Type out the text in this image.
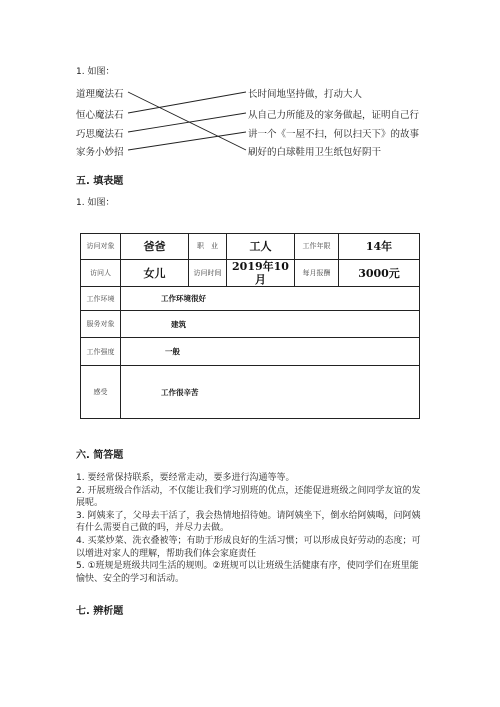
1. 如图：
道理魔法石
恒心魔法石
巧思魔法石
家务小妙招
长时间地坚持做，打动大人
从自己力所能及的家务做起，证明自己行
讲一个《一屋不扫，何以扫天下》的故事
刷好的白球鞋用卫生纸包好阴干
五. 填表题
1. 如图：
访问对象	爸爸	职　业	工人	工作年限	14年
访问人	女儿	访问时间	2019年10月	每月报酬	3000元
工作环境	工作环境很好				
服务对象	建筑				
工作强度	一般				
感受	工作很辛苦				
六. 简答题

1. 要经常保持联系，要经常走动，要多进行沟通等等。

2. 开展班级合作活动，不仅能让我们学习别班的优点，还能促进班级之间同学友谊的发展呢。

3. 阿姨来了，父母去干活了，我会热情地招待她。请阿姨坐下，倒水给阿姨喝，问阿姨有什么需要自己做的吗，并尽力去做。

4. 买菜炒菜、洗衣叠被等；有助于形成良好的生活习惯；可以形成良好劳动的态度；可以增进对家人的理解，帮助我们体会家庭责任

5. ①班规是班级共同生活的规则。②班规可以让班级生活健康有序，使同学们在班里能愉快、安全的学习和活动。

七. 辨析题
